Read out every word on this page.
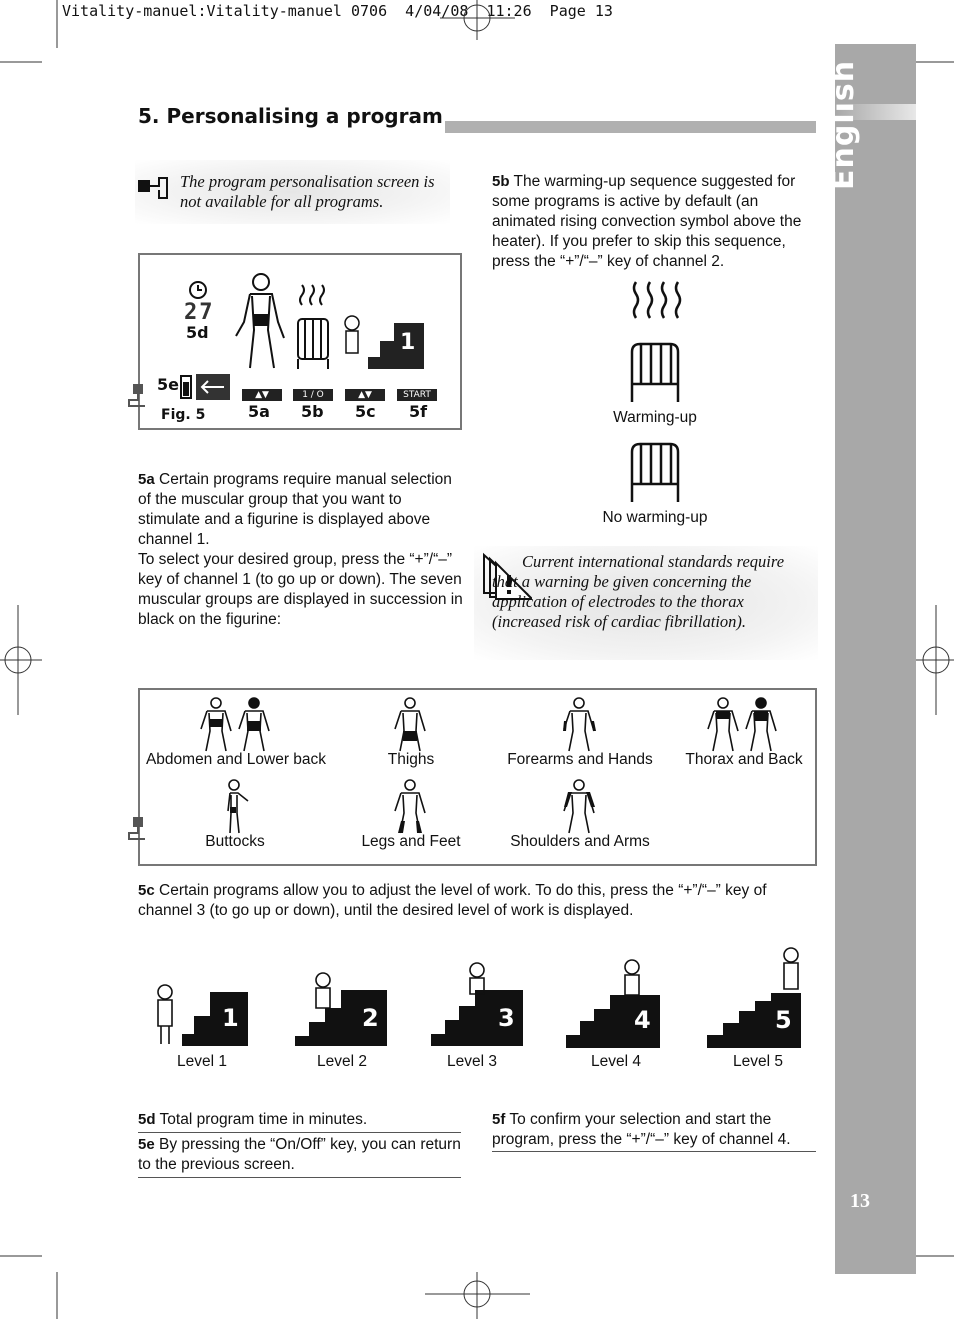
Vitality-manuel:Vitality-manuel 0706  4/04/08  11:26  Page 13
English
13
5. Personalising a program
The program personalisation screen is not available for all programs.
27
5d	1
5e
Fig. 5
▲▼	1 / O	▲▼	START
5a 5b 5c 5f
5b The warming-up sequence suggested for some programs is active by default (an animated rising convection symbol above the heater). If you prefer to skip this sequence, press the “+”/“–” key of channel 2.
Warming-up
No warming-up
5a Certain programs require manual selection of the muscular group that you want to stimulate and a figurine is displayed above channel 1.
To select your desired group, press the “+”/“–” key of channel 1 (to go up or down). The seven muscular groups are displayed in succession in black on the figurine:
Current international standards require that a warning be given concerning the application of electrodes to the thorax (increased risk of cardiac fibrillation).
Abdomen and Lower back	Thighs	Forearms and Hands	Thorax and Back
Buttocks	Legs and Feet	Shoulders and Arms
5c Certain programs allow you to adjust the level of work. To do this, press the “+”/“–” key of channel 3 (to go up or down), until the desired level of work is displayed.
1	2	3	4	5
Level 1	Level 2	Level 3	Level 4	Level 5
5d Total program time in minutes.
5e By pressing the “On/Off” key, you can return to the previous screen.
5f To confirm your selection and start the program, press the “+”/“–” key of channel 4.
